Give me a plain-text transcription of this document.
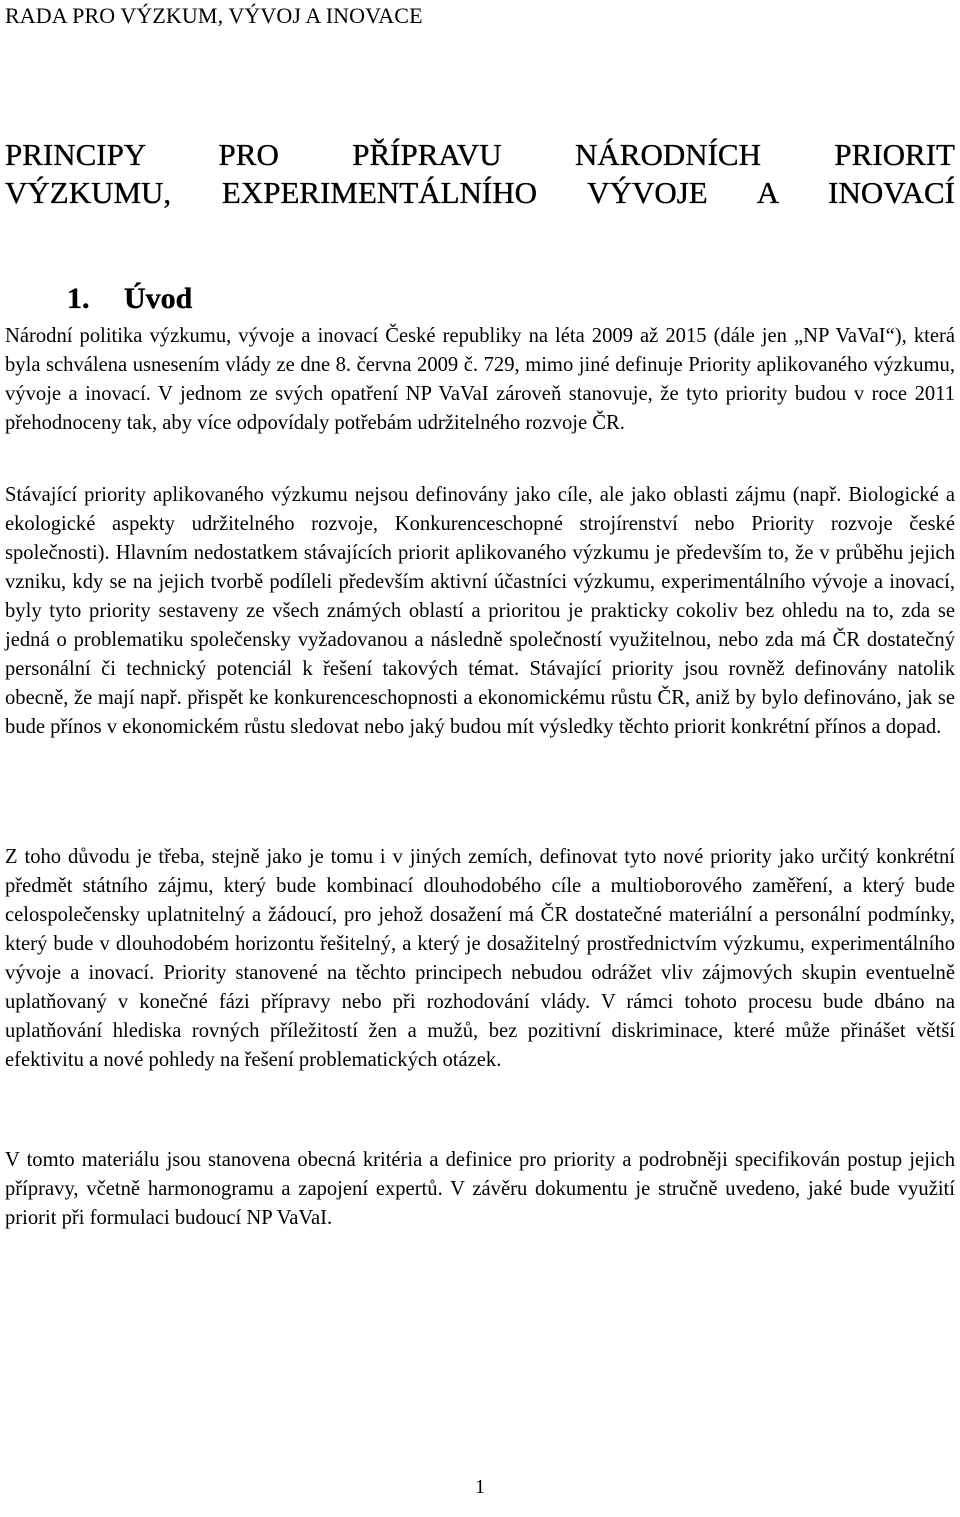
RADA PRO VÝZKUM, VÝVOJ A INOVACE
PRINCIPY PRO PŘÍPRAVU NÁRODNÍCH PRIORIT
VÝZKUMU, EXPERIMENTÁLNÍHO VÝVOJE A INOVACÍ
1. Úvod

Národní politika výzkumu, vývoje a inovací České republiky na léta 2009 až 2015 (dále jen „NP VaVaI“), která byla schválena usnesením vlády ze dne 8. června 2009 č. 729, mimo jiné definuje Priority aplikovaného výzkumu, vývoje a inovací. V jednom ze svých opatření NP VaVaI zároveň stanovuje, že tyto priority budou v roce 2011 přehodnoceny tak, aby více odpovídaly potřebám udržitelného rozvoje ČR.

Stávající priority aplikovaného výzkumu nejsou definovány jako cíle, ale jako oblasti zájmu (např. Biologické a ekologické aspekty udržitelného rozvoje, Konkurenceschopné strojírenství nebo Priority rozvoje české společnosti). Hlavním nedostatkem stávajících priorit aplikovaného výzkumu je především to, že v průběhu jejich vzniku, kdy se na jejich tvorbě podíleli především aktivní účastníci výzkumu, experimentálního vývoje a inovací, byly tyto priority sestaveny ze všech známých oblastí a prioritou je prakticky cokoliv bez ohledu na to, zda se jedná o problematiku společensky vyžadovanou a následně společností využitelnou, nebo zda má ČR dostatečný personální či technický potenciál k řešení takových témat. Stávající priority jsou rovněž definovány natolik obecně, že mají např. přispět ke konkurenceschopnosti a ekonomickému růstu ČR, aniž by bylo definováno, jak se bude přínos v ekonomickém růstu sledovat nebo jaký budou mít výsledky těchto priorit konkrétní přínos a dopad.

Z toho důvodu je třeba, stejně jako je tomu i v jiných zemích, definovat tyto nové priority jako určitý konkrétní předmět státního zájmu, který bude kombinací dlouhodobého cíle a multioborového zaměření, a který bude celospolečensky uplatnitelný a žádoucí, pro jehož dosažení má ČR dostatečné materiální a personální podmínky, který bude v dlouhodobém horizontu řešitelný, a který je dosažitelný prostřednictvím výzkumu, experimentálního vývoje a inovací. Priority stanovené na těchto principech nebudou odrážet vliv zájmových skupin eventuelně uplatňovaný v konečné fázi přípravy nebo při rozhodování vlády. V rámci tohoto procesu bude dbáno na uplatňování hlediska rovných příležitostí žen a mužů, bez pozitivní diskriminace, které může přinášet větší efektivitu a nové pohledy na řešení problematických otázek.

V tomto materiálu jsou stanovena obecná kritéria a definice pro priority a podrobněji specifikován postup jejich přípravy, včetně harmonogramu a zapojení expertů. V závěru dokumentu je stručně uvedeno, jaké bude využití priorit při formulaci budoucí NP VaVaI.

1
